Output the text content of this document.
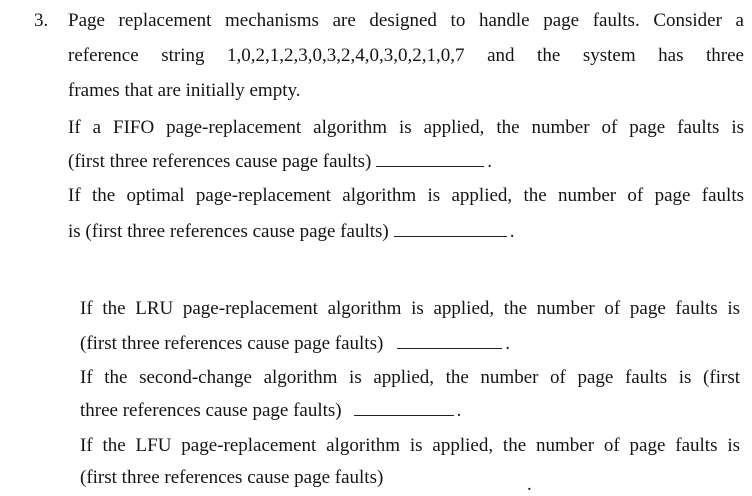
3. Page replacement mechanisms are designed to handle page faults. Consider a
reference string 1,0,2,1,2,3,0,3,2,4,0,3,0,2,1,0,7 and the system has three
frames that are initially empty.
If a FIFO page-replacement algorithm is applied, the number of page faults is
(first three references cause page faults)	.
If the optimal page-replacement algorithm is applied, the number of page faults
is (first three references cause page faults)	.
If the LRU page-replacement algorithm is applied, the number of page faults is
(first three references cause page faults)	.
If the second-change algorithm is applied, the number of page faults is (first
three references cause page faults)	.
If the LFU page-replacement algorithm is applied, the number of page faults is
(first three references cause page faults)	.
